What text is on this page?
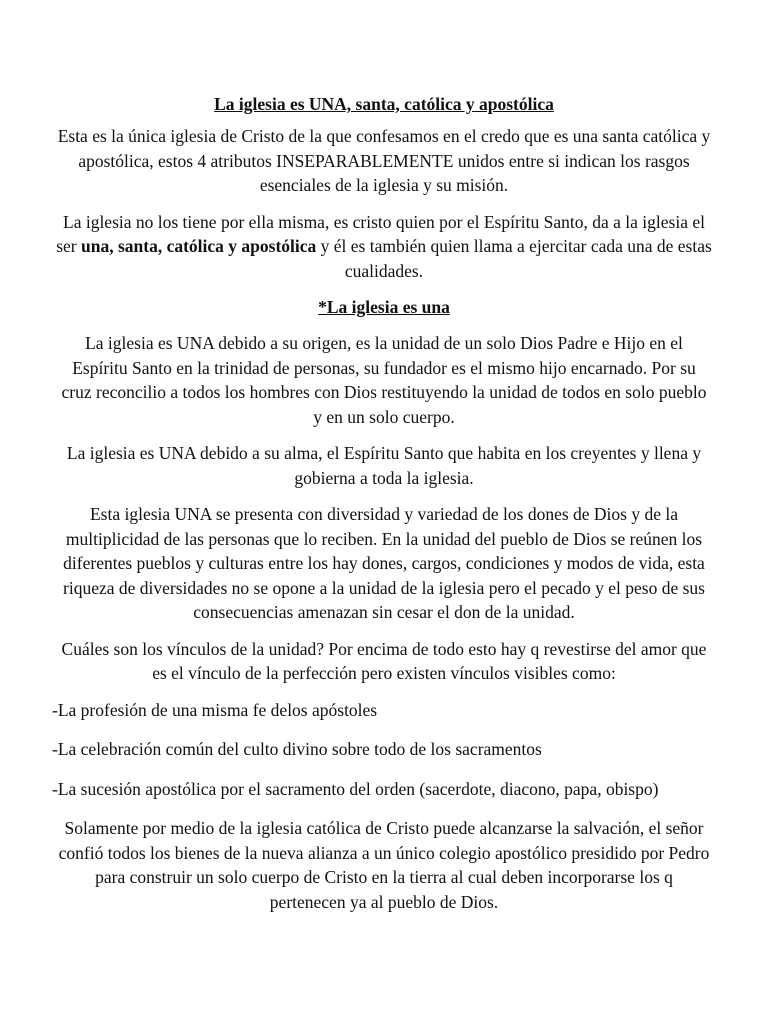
La iglesia es UNA, santa, católica y apostólica

Esta es la única iglesia de Cristo de la que confesamos en el credo que es una santa católica y apostólica, estos 4 atributos INSEPARABLEMENTE unidos entre si indican los rasgos esenciales de la iglesia y su misión.

La iglesia no los tiene por ella misma, es cristo quien por el Espíritu Santo, da a la iglesia el ser una, santa, católica y apostólica y él es también quien llama a ejercitar cada una de estas cualidades.

*La iglesia es una

La iglesia es UNA debido a su origen, es la unidad de un solo Dios Padre e Hijo en el Espíritu Santo en la trinidad de personas, su fundador es el mismo hijo encarnado. Por su cruz reconcilio a todos los hombres con Dios restituyendo la unidad de todos en solo pueblo y en un solo cuerpo.

La iglesia es UNA debido a su alma, el Espíritu Santo que habita en los creyentes y llena y gobierna a toda la iglesia.

Esta iglesia UNA se presenta con diversidad y variedad de los dones de Dios y de la multiplicidad de las personas que lo reciben. En la unidad del pueblo de Dios se reúnen los diferentes pueblos y culturas entre los hay dones, cargos, condiciones y modos de vida, esta riqueza de diversidades no se opone a la unidad de la iglesia pero el pecado y el peso de sus consecuencias amenazan sin cesar el don de la unidad.

Cuáles son los vínculos de la unidad? Por encima de todo esto hay q revestirse del amor que es el vínculo de la perfección pero existen vínculos visibles como:

-La profesión de una misma fe delos apóstoles

-La celebración común del culto divino sobre todo de los sacramentos

-La sucesión apostólica por el sacramento del orden (sacerdote, diacono, papa, obispo)

Solamente por medio de la iglesia católica de Cristo puede alcanzarse la salvación, el señor confió todos los bienes de la nueva alianza a un único colegio apostólico presidido por Pedro para construir un solo cuerpo de Cristo en la tierra al cual deben incorporarse los q pertenecen ya al pueblo de Dios.
